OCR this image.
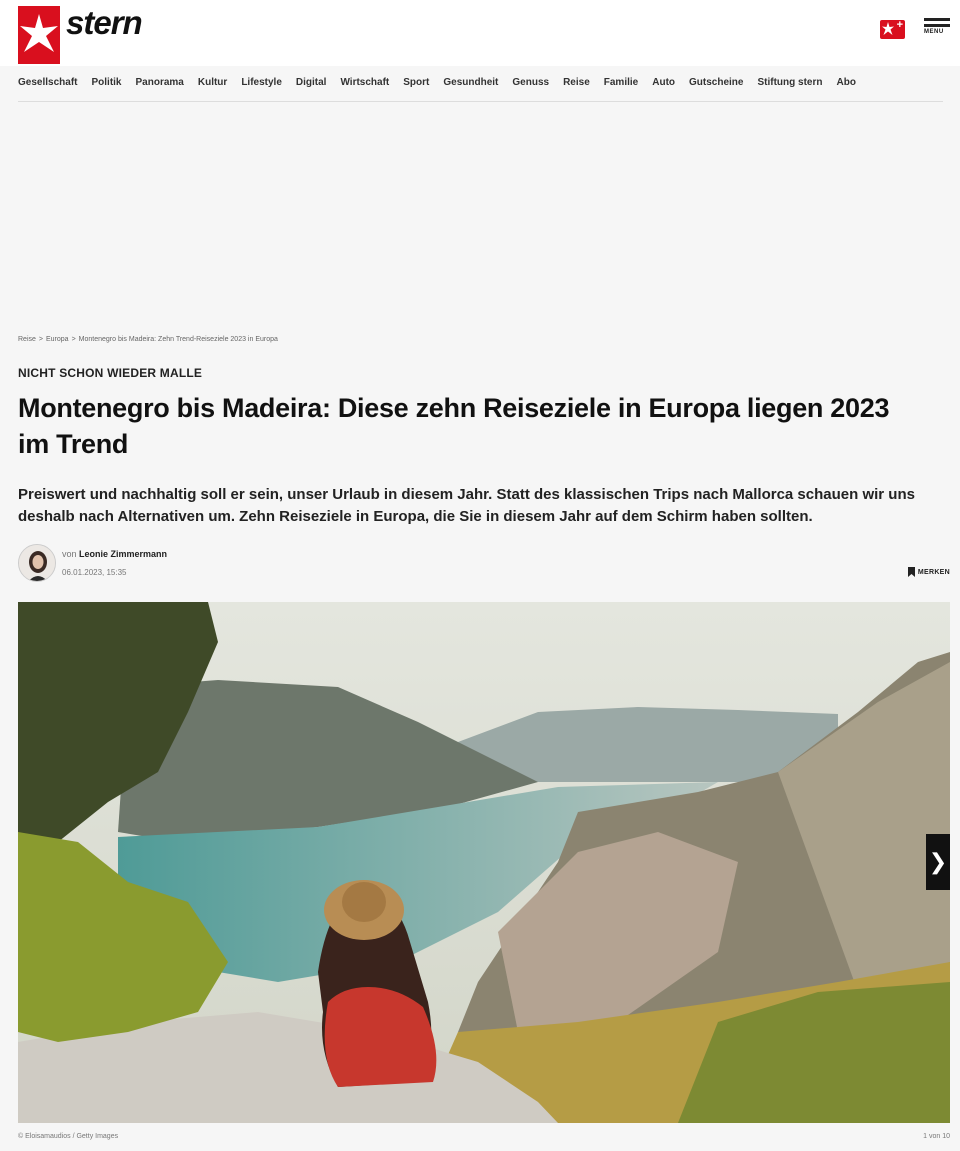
stern	+
MENU
Gesellschaft Politik Panorama Kultur Lifestyle Digital Wirtschaft Sport Gesundheit Genuss Reise Familie Auto Gutscheine Stiftung stern Abo
Reise > Europa > Montenegro bis Madeira: Zehn Trend-Reiseziele 2023 in Europa
NICHT SCHON WIEDER MALLE
Montenegro bis Madeira: Diese zehn Reiseziele in Europa liegen 2023 im Trend

Preiswert und nachhaltig soll er sein, unser Urlaub in diesem Jahr. Statt des klassischen Trips nach Mallorca schauen wir uns deshalb nach Alternativen um. Zehn Reiseziele in Europa, die Sie in diesem Jahr auf dem Schirm haben sollten.

von Leonie Zimmermann
06.01.2023, 15:35	MERKEN
❯
© Eloisamaudios / Getty Images	1 von 10
